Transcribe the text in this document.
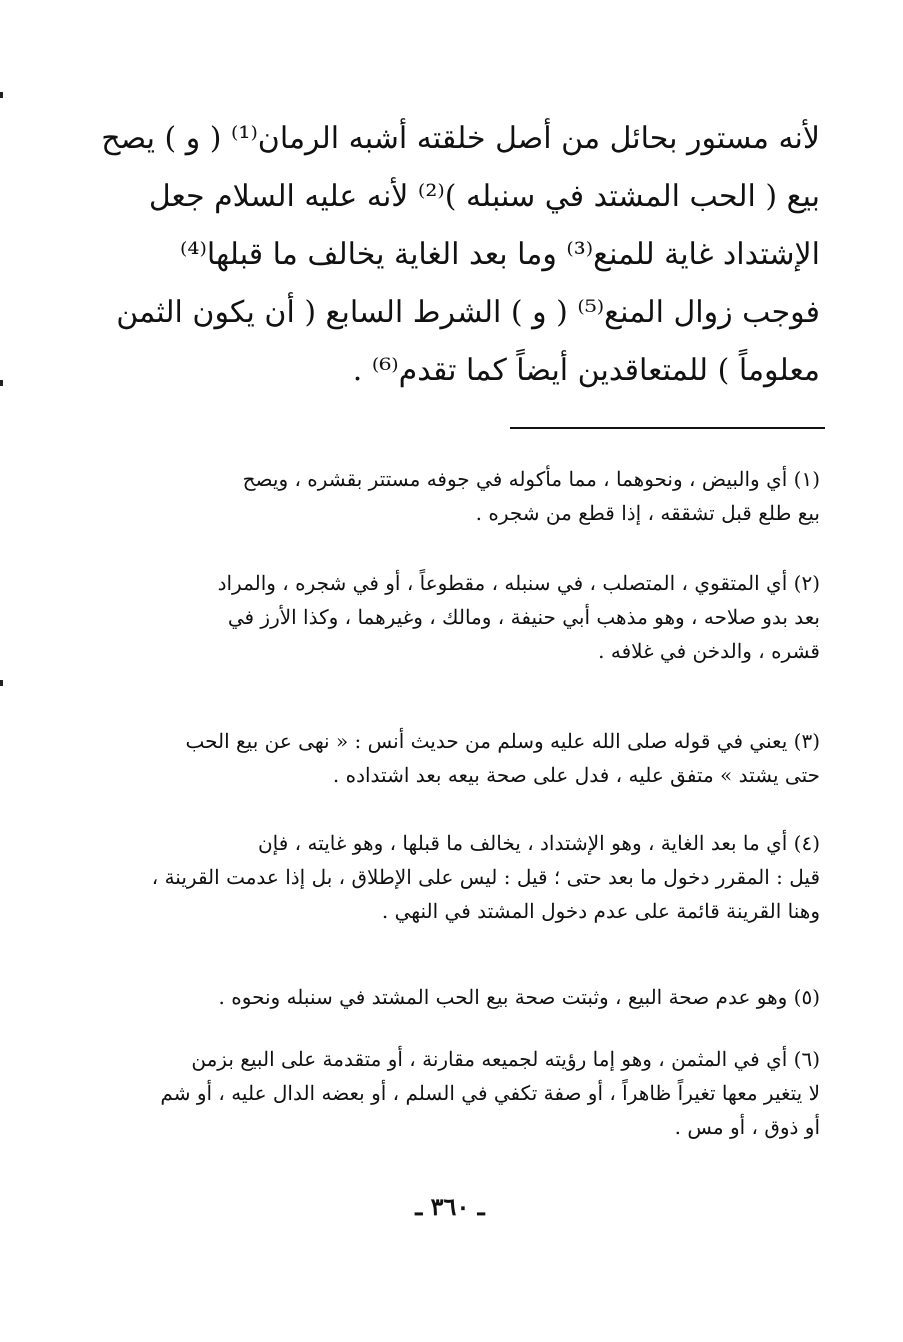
لأنه مستور بحائل من أصل خلقته أشبه الرمان⁽¹⁾ ( و ) يصح
بيع ( الحب المشتد في سنبله )⁽²⁾ لأنه عليه السلام جعل
الإشتداد غاية للمنع⁽³⁾ وما بعد الغاية يخالف ما قبلها⁽⁴⁾
فوجب زوال المنع⁽⁵⁾ ( و ) الشرط السابع ( أن يكون الثمن
معلوماً ) للمتعاقدين أيضاً كما تقدم⁽⁶⁾ .
(١) أي والبيض ، ونحوهما ، مما مأكوله في جوفه مستتر بقشره ، ويصح
بيع طلع قبل تشققه ، إذا قطع من شجره .
(٢) أي المتقوي ، المتصلب ، في سنبله ، مقطوعاً ، أو في شجره ، والمراد
بعد بدو صلاحه ، وهو مذهب أبي حنيفة ، ومالك ، وغيرهما ، وكذا الأرز في
قشره ، والدخن في غلافه .
(٣) يعني في قوله صلى الله عليه وسلم من حديث أنس : « نهى عن بيع الحب
حتى يشتد » متفق عليه ، فدل على صحة بيعه بعد اشتداده .
(٤) أي ما بعد الغاية ، وهو الإشتداد ، يخالف ما قبلها ، وهو غايته ، فإن
قيل : المقرر دخول ما بعد حتى ؛ قيل : ليس على الإطلاق ، بل إذا عدمت القرينة ،
وهنا القرينة قائمة على عدم دخول المشتد في النهي .
(٥) وهو عدم صحة البيع ، وثبتت صحة بيع الحب المشتد في سنبله ونحوه .
(٦) أي في المثمن ، وهو إما رؤيته لجميعه مقارنة ، أو متقدمة على البيع بزمن
لا يتغير معها تغيراً ظاهراً ، أو صفة تكفي في السلم ، أو بعضه الدال عليه ، أو شم
أو ذوق ، أو مس .
ـ ٣٦٠ ـ
